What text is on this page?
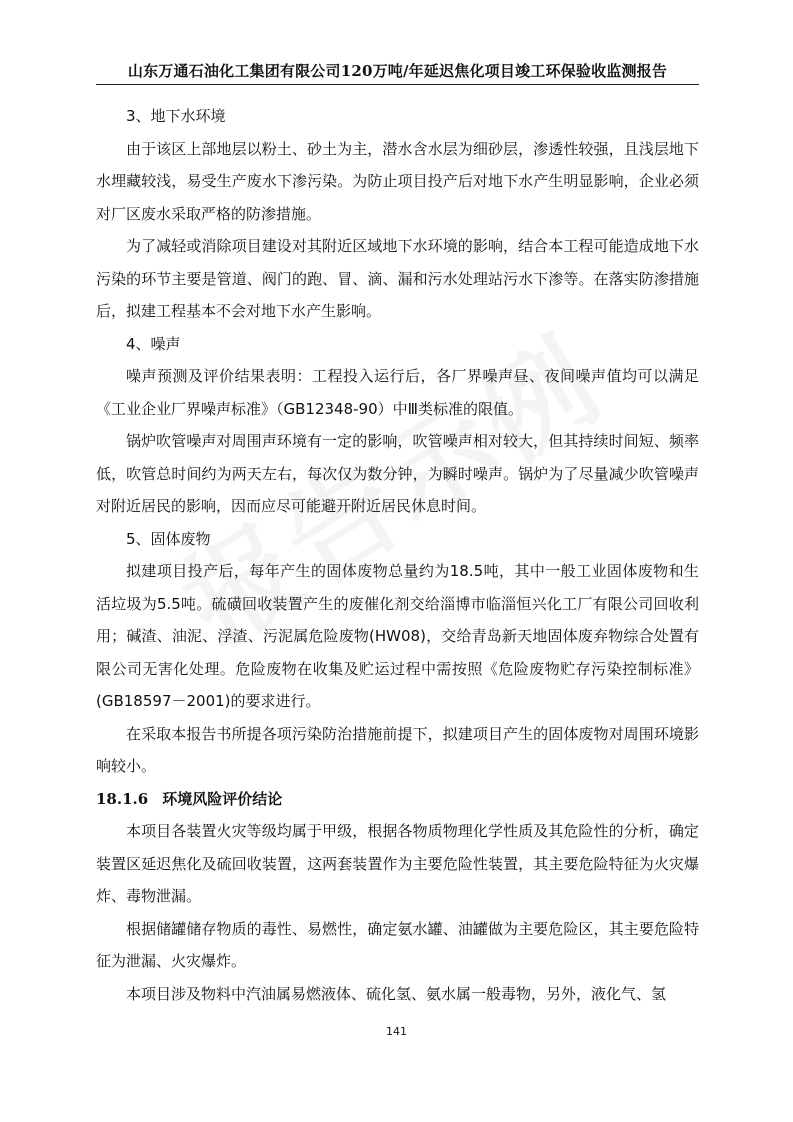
山东万通石油化工集团有限公司120万吨/年延迟焦化项目竣工环保验收监测报告

3、地下水环境

由于该区上部地层以粉土、砂土为主，潜水含水层为细砂层，渗透性较强，且浅层地下水埋藏较浅，易受生产废水下渗污染。为防止项目投产后对地下水产生明显影响，企业必须对厂区废水采取严格的防渗措施。

为了减轻或消除项目建设对其附近区域地下水环境的影响，结合本工程可能造成地下水污染的环节主要是管道、阀门的跑、冒、滴、漏和污水处理站污水下渗等。在落实防渗措施后，拟建工程基本不会对地下水产生影响。

4、噪声

噪声预测及评价结果表明：工程投入运行后，各厂界噪声昼、夜间噪声值均可以满足《工业企业厂界噪声标准》（GB12348-90）中Ⅲ类标准的限值。

锅炉吹管噪声对周围声环境有一定的影响，吹管噪声相对较大，但其持续时间短、频率低，吹管总时间约为两天左右，每次仅为数分钟，为瞬时噪声。锅炉为了尽量减少吹管噪声对附近居民的影响，因而应尽可能避开附近居民休息时间。

5、固体废物

拟建项目投产后，每年产生的固体废物总量约为18.5吨，其中一般工业固体废物和生活垃圾为5.5吨。硫磺回收装置产生的废催化剂交给淄博市临淄恒兴化工厂有限公司回收利用；碱渣、油泥、浮渣、污泥属危险废物(HW08)，交给青岛新天地固体废弃物综合处置有限公司无害化处理。危险废物在收集及贮运过程中需按照《危险废物贮存污染控制标准》(GB18597－2001)的要求进行。

在采取本报告书所提各项污染防治措施前提下，拟建项目产生的固体废物对周围环境影响较小。

18.1.6 环境风险评价结论

本项目各装置火灾等级均属于甲级，根据各物质物理化学性质及其危险性的分析，确定装置区延迟焦化及硫回收装置，这两套装置作为主要危险性装置，其主要危险特征为火灾爆炸、毒物泄漏。

根据储罐储存物质的毒性、易燃性，确定氨水罐、油罐做为主要危险区，其主要危险特征为泄漏、火灾爆炸。

本项目涉及物料中汽油属易燃液体、硫化氢、氨水属一般毒物，另外，液化气、氢

141
